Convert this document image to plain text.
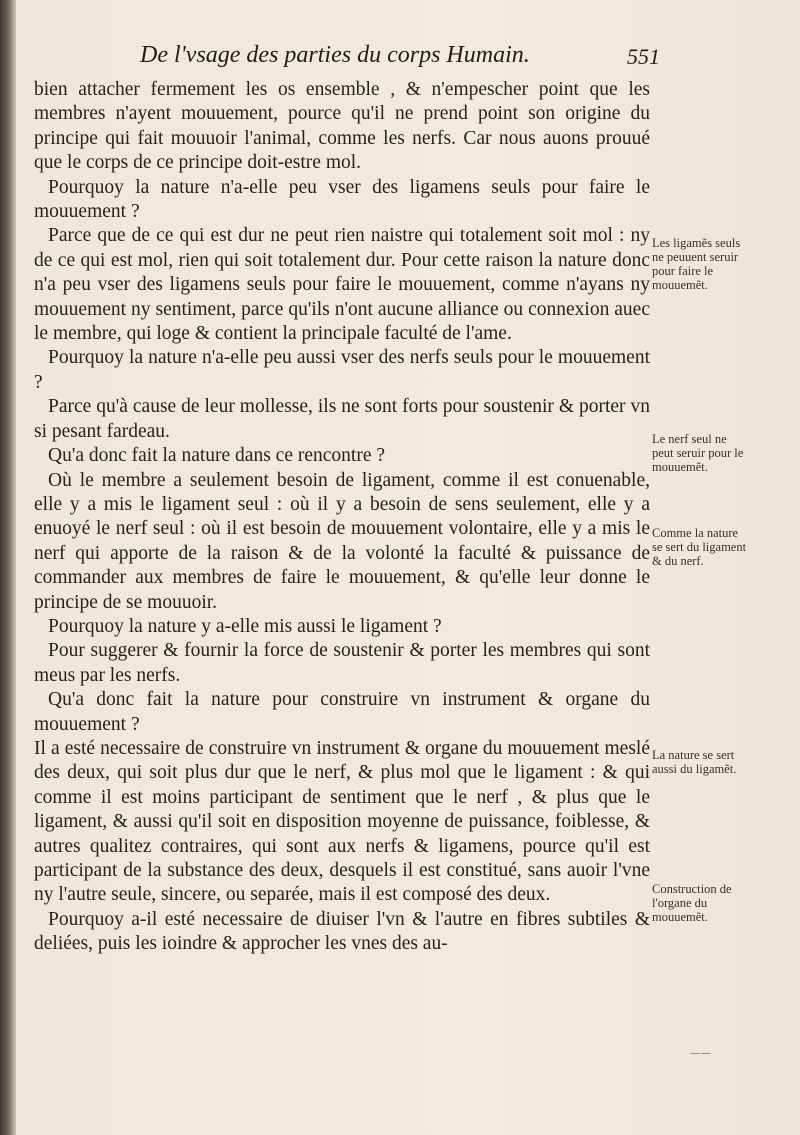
De l'vsage des parties du corps Humain.	551

bien attacher fermement les os ensemble , & n'empescher point que les membres n'ayent mouuement, pource qu'il ne prend point son origine du principe qui fait mouuoir l'animal, comme les nerfs. Car nous auons prouué que le corps de ce principe doit-estre mol.

Pourquoy la nature n'a-elle peu vser des ligamens seuls pour faire le mouuement ?

Parce que de ce qui est dur ne peut rien naistre qui totalement soit mol : ny de ce qui est mol, rien qui soit totalement dur. Pour cette raison la nature donc n'a peu vser des ligamens seuls pour faire le mouuement, comme n'ayans ny mouuement ny sentiment, parce qu'ils n'ont aucune alliance ou connexion auec le membre, qui loge & contient la principale faculté de l'ame.

Pourquoy la nature n'a-elle peu aussi vser des nerfs seuls pour le mouuement ?

Parce qu'à cause de leur mollesse, ils ne sont forts pour soustenir & porter vn si pesant fardeau.

Qu'a donc fait la nature dans ce rencontre ?

Où le membre a seulement besoin de ligament, comme il est conuenable, elle y a mis le ligament seul : où il y a besoin de sens seulement, elle y a enuoyé le nerf seul : où il est besoin de mouuement volontaire, elle y a mis le nerf qui apporte de la raison & de la volonté la faculté & puissance de commander aux membres de faire le mouuement, & qu'elle leur donne le principe de se mouuoir.

Pourquoy la nature y a-elle mis aussi le ligament ?

Pour suggerer & fournir la force de soustenir & porter les membres qui sont meus par les nerfs.

Qu'a donc fait la nature pour construire vn instrument & organe du mouuement ?

Il a esté necessaire de construire vn instrument & organe du mouuement meslé des deux, qui soit plus dur que le nerf, & plus mol que le ligament : & qui comme il est moins participant de sentiment que le nerf , & plus que le ligament, & aussi qu'il soit en disposition moyenne de puissance, foiblesse, & autres qualitez contraires, qui sont aux nerfs & ligamens, pource qu'il est participant de la substance des deux, desquels il est constitué, sans auoir l'vne ny l'autre seule, sincere, ou separée, mais il est composé des deux.

Pourquoy a-il esté necessaire de diuiser l'vn & l'autre en fibres subtiles & deliées, puis les ioindre & approcher les vnes des au-

Les ligamẽs seuls ne peuuent seruir pour faire le mouuemẽt.
Le nerf seul ne peut seruir pour le mouuemẽt.
Comme la nature se sert du ligament & du nerf.
La nature se sert aussi du ligamẽt.
Construction de l'organe du mouuemẽt.
——
